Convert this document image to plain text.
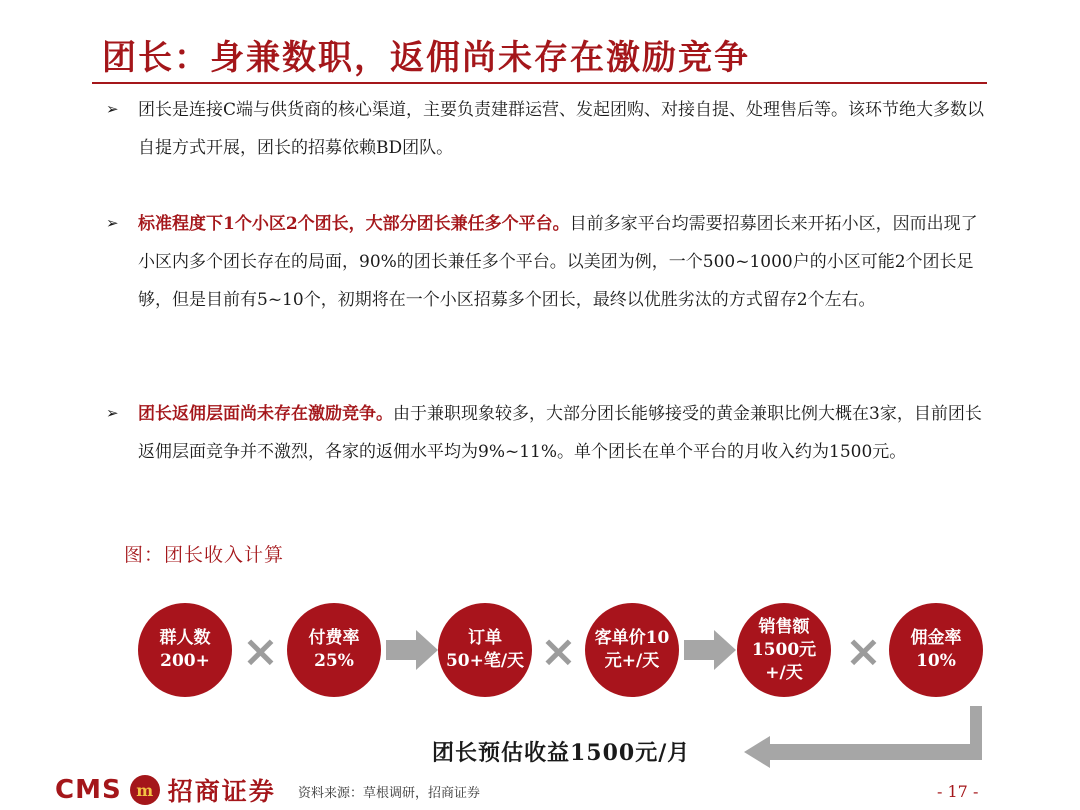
团长：身兼数职，返佣尚未存在激励竞争
➢ 团长是连接C端与供货商的核心渠道，主要负责建群运营、发起团购、对接自提、处理售后等。该环节绝大多数以自提方式开展，团长的招募依赖BD团队。
➢ 标准程度下1个小区2个团长，大部分团长兼任多个平台。目前多家平台均需要招募团长来开拓小区，因而出现了小区内多个团长存在的局面，90%的团长兼任多个平台。以美团为例，一个500~1000户的小区可能2个团长足够，但是目前有5~10个，初期将在一个小区招募多个团长，最终以优胜劣汰的方式留存2个左右。
➢ 团长返佣层面尚未存在激励竞争。由于兼职现象较多，大部分团长能够接受的黄金兼职比例大概在3家，目前团长返佣层面竞争并不激烈，各家的返佣水平均为9%~11%。单个团长在单个平台的月收入约为1500元。
图：团长收入计算
群人数200+ ×	付费率25%
订单50+笔/天 × 客单价10元+/天
销售额1500元+/天 ×	佣金率10%
团长预估收益1500元/月
CMS m 招商证券 资料来源：草根调研，招商证券	- 17 -
